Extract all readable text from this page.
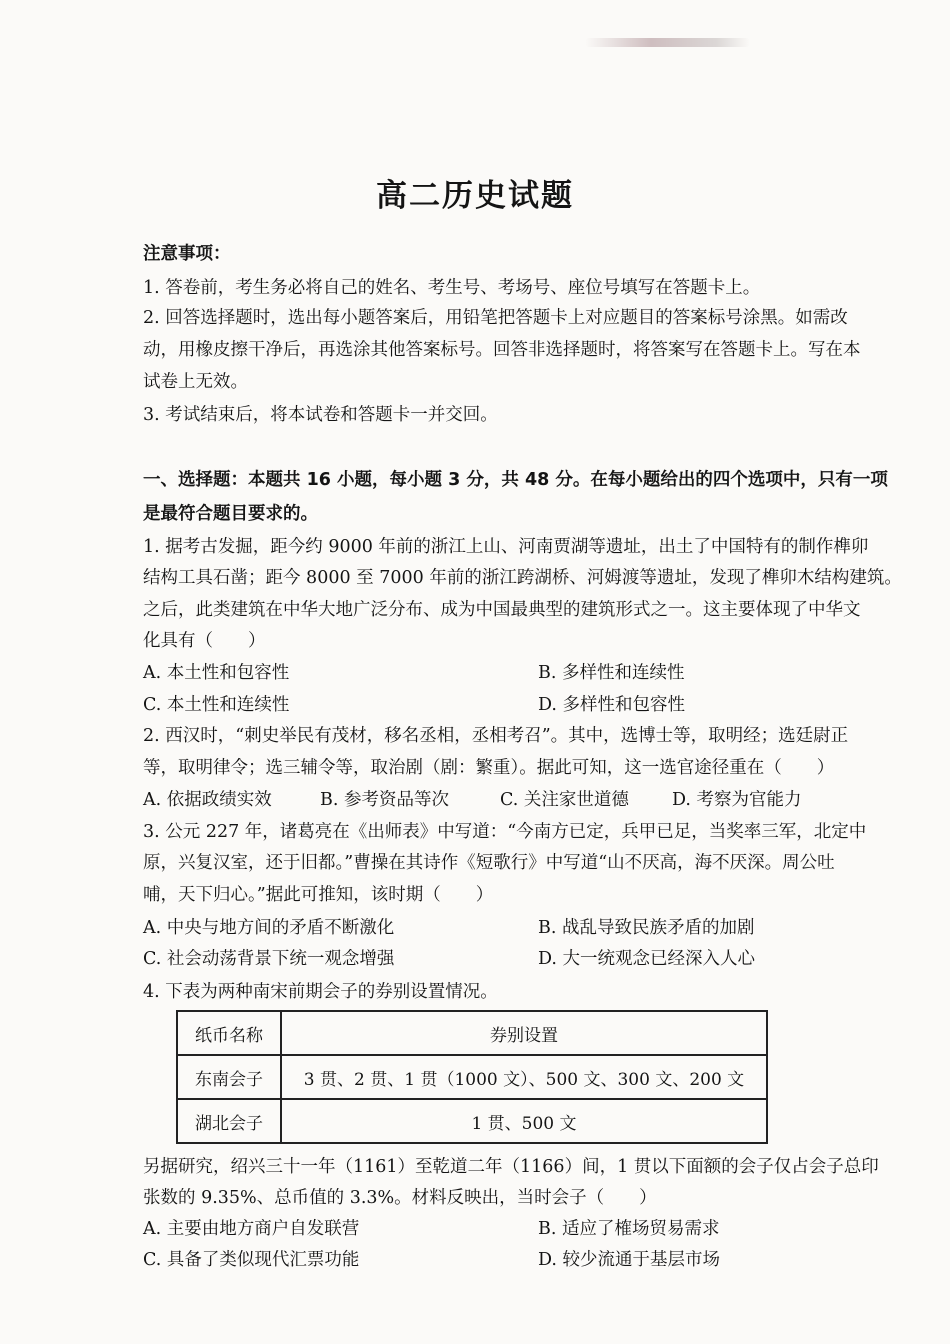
高二历史试题
注意事项：
1. 答卷前，考生务必将自己的姓名、考生号、考场号、座位号填写在答题卡上。
2. 回答选择题时，选出每小题答案后，用铅笔把答题卡上对应题目的答案标号涂黑。如需改
动，用橡皮擦干净后，再选涂其他答案标号。回答非选择题时，将答案写在答题卡上。写在本
试卷上无效。
3. 考试结束后，将本试卷和答题卡一并交回。
一、选择题：本题共 16 小题，每小题 3 分，共 48 分。在每小题给出的四个选项中，只有一项
是最符合题目要求的。
1. 据考古发掘，距今约 9000 年前的浙江上山、河南贾湖等遗址，出土了中国特有的制作榫卯
结构工具石凿；距今 8000 至 7000 年前的浙江跨湖桥、河姆渡等遗址，发现了榫卯木结构建筑。
之后，此类建筑在中华大地广泛分布、成为中国最典型的建筑形式之一。这主要体现了中华文
化具有（　　）
A. 本土性和包容性	B. 多样性和连续性
C. 本土性和连续性	D. 多样性和包容性
2. 西汉时，“刺史举民有茂材，移名丞相，丞相考召”。其中，选博士等，取明经；选廷尉正
等，取明律令；选三辅令等，取治剧（剧：繁重）。据此可知，这一选官途径重在（　　）
A. 依据政绩实效	B. 参考资品等次	C. 关注家世道德 D. 考察为官能力
3. 公元 227 年，诸葛亮在《出师表》中写道：“今南方已定，兵甲已足，当奖率三军，北定中
原，兴复汉室，还于旧都。”曹操在其诗作《短歌行》中写道“山不厌高，海不厌深。周公吐
哺，天下归心。”据此可推知，该时期（　　）
A. 中央与地方间的矛盾不断激化	B. 战乱导致民族矛盾的加剧
C. 社会动荡背景下统一观念增强	D. 大一统观念已经深入人心
4. 下表为两种南宋前期会子的券别设置情况。
纸币名称	券别设置
东南会子	3 贯、2 贯、1 贯（1000 文）、500 文、300 文、200 文
湖北会子	1 贯、500 文
另据研究，绍兴三十一年（1161）至乾道二年（1166）间，1 贯以下面额的会子仅占会子总印
张数的 9.35%、总币值的 3.3%。材料反映出，当时会子（　　）
A. 主要由地方商户自发联营	B. 适应了榷场贸易需求
C. 具备了类似现代汇票功能	D. 较少流通于基层市场
